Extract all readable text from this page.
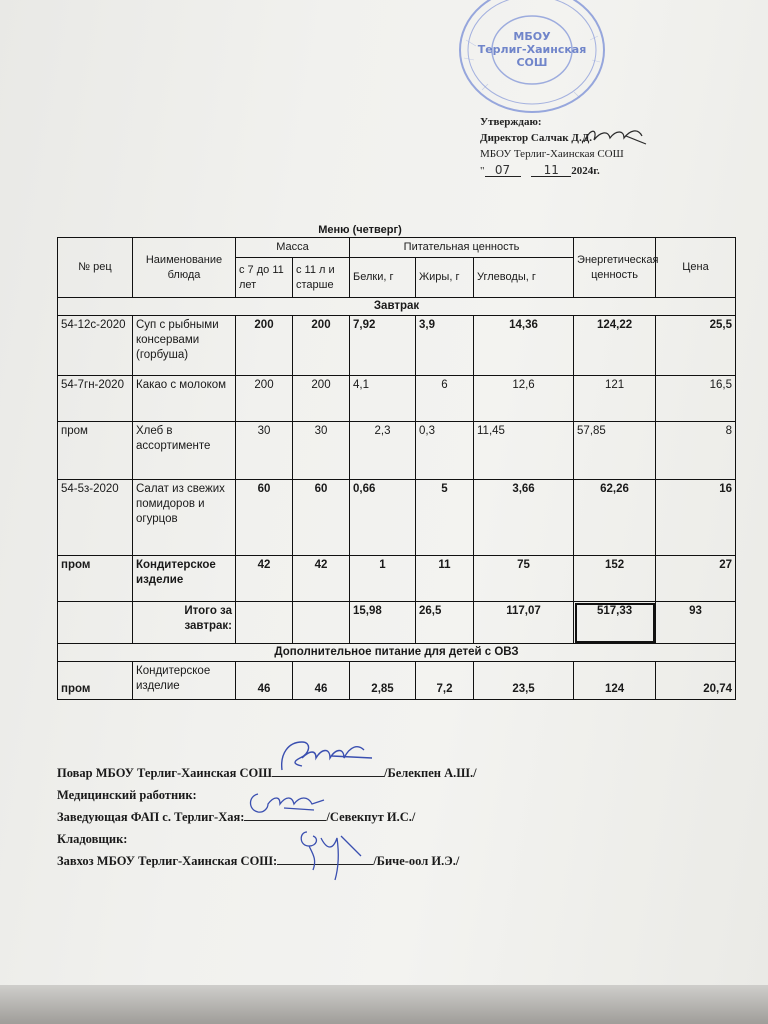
МБОУ
Терлиг-Хаинская
СОШ
Утверждаю:
Директор Салчак Д.Д.
МБОУ Терлиг-Хаинская СОШ
" 07	11 2024г.
Меню (четверг)
№ рец	Наименование блюда	Масса		Питательная ценность			Энергетическая ценность	Цена
		с 7 до 11 лет	с 11 л и старше	Белки, г	Жиры, г	Углеводы, г		
Завтрак								
54-12с-2020	Суп с рыбными консервами (горбуша)	200	200	7,92	3,9	14,36	124,22	25,5
54-7гн-2020	Какао с молоком	200	200	4,1	6	12,6	121	16,5
пром	Хлеб в ассортименте	30	30	2,3	0,3	11,45	57,85	8
54-5з-2020	Салат из свежих помидоров и огурцов	60	60	0,66	5	3,66	62,26	16
пром	Кондитерское изделие	42	42	1	11	75	152	27
	Итого за завтрак:			15,98	26,5	117,07	517,33	93
Дополнительное питание для детей с ОВЗ								
пром	Кондитерское изделие	46	46	2,85	7,2	23,5	124	20,74
Повар МБОУ Терлиг-Хаинская СОШ	/Белекпен А.Ш./
Медицинский работник:
Заведующая ФАП с. Терлиг-Хая:	/Севекпут И.С./
Кладовщик:
Завхоз МБОУ Терлиг-Хаинская СОШ:	/Биче-оол И.Э./
